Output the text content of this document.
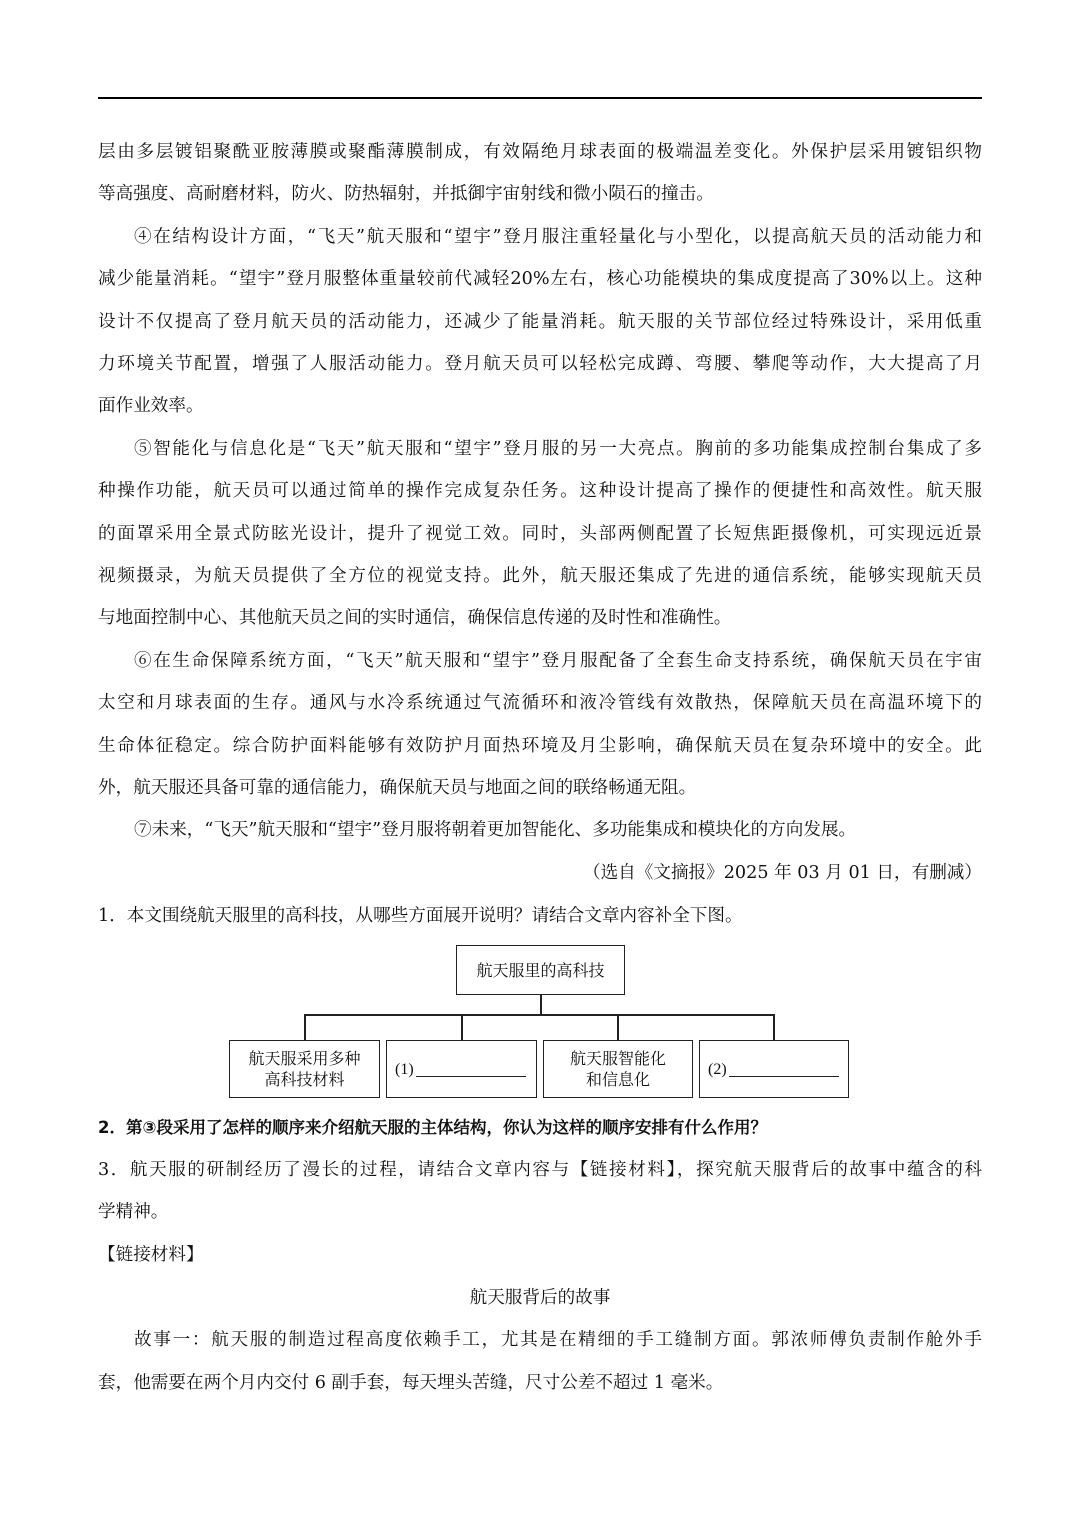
层由多层镀铝聚酰亚胺薄膜或聚酯薄膜制成，有效隔绝月球表面的极端温差变化。外保护层采用镀铝织物
等高强度、高耐磨材料，防火、防热辐射，并抵御宇宙射线和微小陨石的撞击。
④在结构设计方面，“飞天”航天服和“望宇”登月服注重轻量化与小型化，以提高航天员的活动能力和
减少能量消耗。“望宇”登月服整体重量较前代减轻20%左右，核心功能模块的集成度提高了30%以上。这种
设计不仅提高了登月航天员的活动能力，还减少了能量消耗。航天服的关节部位经过特殊设计，采用低重
力环境关节配置，增强了人服活动能力。登月航天员可以轻松完成蹲、弯腰、攀爬等动作，大大提高了月
面作业效率。
⑤智能化与信息化是“飞天”航天服和“望宇”登月服的另一大亮点。胸前的多功能集成控制台集成了多
种操作功能，航天员可以通过简单的操作完成复杂任务。这种设计提高了操作的便捷性和高效性。航天服
的面罩采用全景式防眩光设计，提升了视觉工效。同时，头部两侧配置了长短焦距摄像机，可实现远近景
视频摄录，为航天员提供了全方位的视觉支持。此外，航天服还集成了先进的通信系统，能够实现航天员
与地面控制中心、其他航天员之间的实时通信，确保信息传递的及时性和准确性。
⑥在生命保障系统方面，“飞天”航天服和“望宇”登月服配备了全套生命支持系统，确保航天员在宇宙
太空和月球表面的生存。通风与水冷系统通过气流循环和液冷管线有效散热，保障航天员在高温环境下的
生命体征稳定。综合防护面料能够有效防护月面热环境及月尘影响，确保航天员在复杂环境中的安全。此
外，航天服还具备可靠的通信能力，确保航天员与地面之间的联络畅通无阻。
⑦未来，“飞天”航天服和“望宇”登月服将朝着更加智能化、多功能集成和模块化的方向发展。
（选自《文摘报》2025 年 03 月 01 日，有删减）
1．本文围绕航天服里的高科技，从哪些方面展开说明？请结合文章内容补全下图。
航天服里的高科技
航天服采用多种
高科技材料
(1)
航天服智能化
和信息化
(2)
2．第③段采用了怎样的顺序来介绍航天服的主体结构，你认为这样的顺序安排有什么作用？
3．航天服的研制经历了漫长的过程，请结合文章内容与【链接材料】，探究航天服背后的故事中蕴含的科
学精神。
【链接材料】
航天服背后的故事
故事一：航天服的制造过程高度依赖手工，尤其是在精细的手工缝制方面。郭浓师傅负责制作舱外手
套，他需要在两个月内交付 6 副手套，每天埋头苦缝，尺寸公差不超过 1 毫米。
